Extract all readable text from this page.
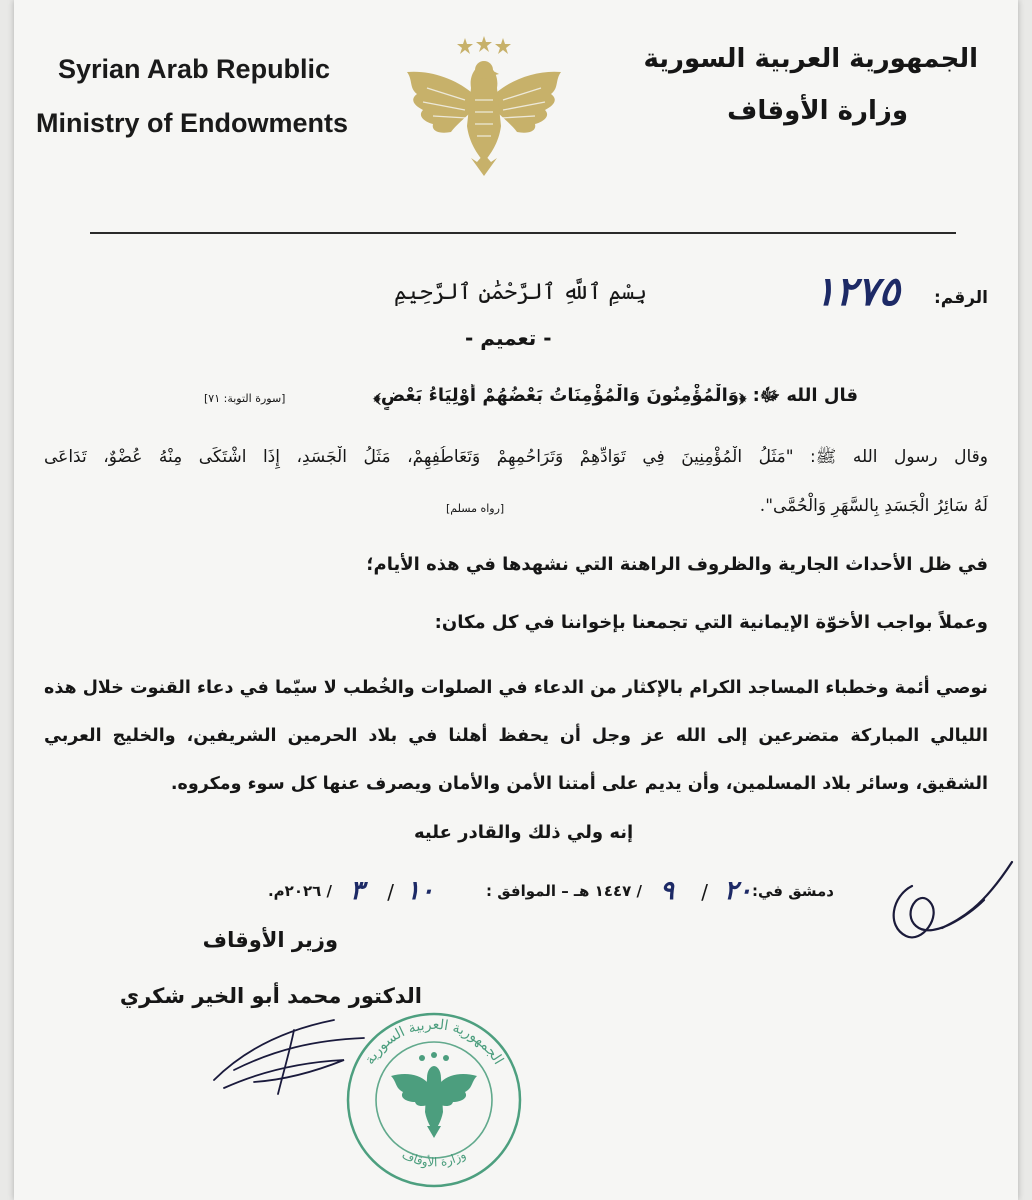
Syrian Arab Republic
Ministry of Endowments
الجمهورية العربية السورية
وزارة الأوقاف
الرقم:
١٢٧٥
بِسْمِ ٱللَّهِ ٱلرَّحْمَٰنِ ٱلرَّحِيمِ
- تعميم -
قال الله ﷻ: ﴿وَالْمُؤْمِنُونَ وَالْمُؤْمِنَاتُ بَعْضُهُمْ أَوْلِيَاءُ بَعْضٍ﴾
[سورة التوبة: ٧١]
وقال رسول الله ﷺ: "مَثَلُ الْمُؤْمِنِينَ فِي تَوَادِّهِمْ وَتَرَاحُمِهِمْ وَتَعَاطُفِهِمْ، مَثَلُ الْجَسَدِ، إِذَا اشْتَكَى مِنْهُ عُضْوٌ، تَدَاعَى
لَهُ سَائِرُ الْجَسَدِ بِالسَّهَرِ وَالْحُمَّى".
[رواه مسلم]
في ظل الأحداث الجارية والظروف الراهنة التي نشهدها في هذه الأيام؛
وعملاً بواجب الأخوّة الإيمانية التي تجمعنا بإخواننا في كل مكان:
نوصي أئمة وخطباء المساجد الكرام بالإكثار من الدعاء في الصلوات والخُطب لا سيّما في دعاء القنوت خلال هذه الليالي المباركة متضرعين إلى الله عز وجل أن يحفظ أهلنا في بلاد الحرمين الشريفين، والخليج العربي الشقيق، وسائر بلاد المسلمين، وأن يديم على أمتنا الأمن والأمان ويصرف عنها كل سوء ومكروه.
إنه ولي ذلك والقادر عليه
دمشق في:
٢٠
/
٩
/ ١٤٤٧ هـ – الموافق :
١٠
/
٣
/ ٢٠٢٦م.
وزير الأوقاف
الدكتور محمد أبو الخير شكري
الجمهورية العربية السورية
وزارة الأوقاف
